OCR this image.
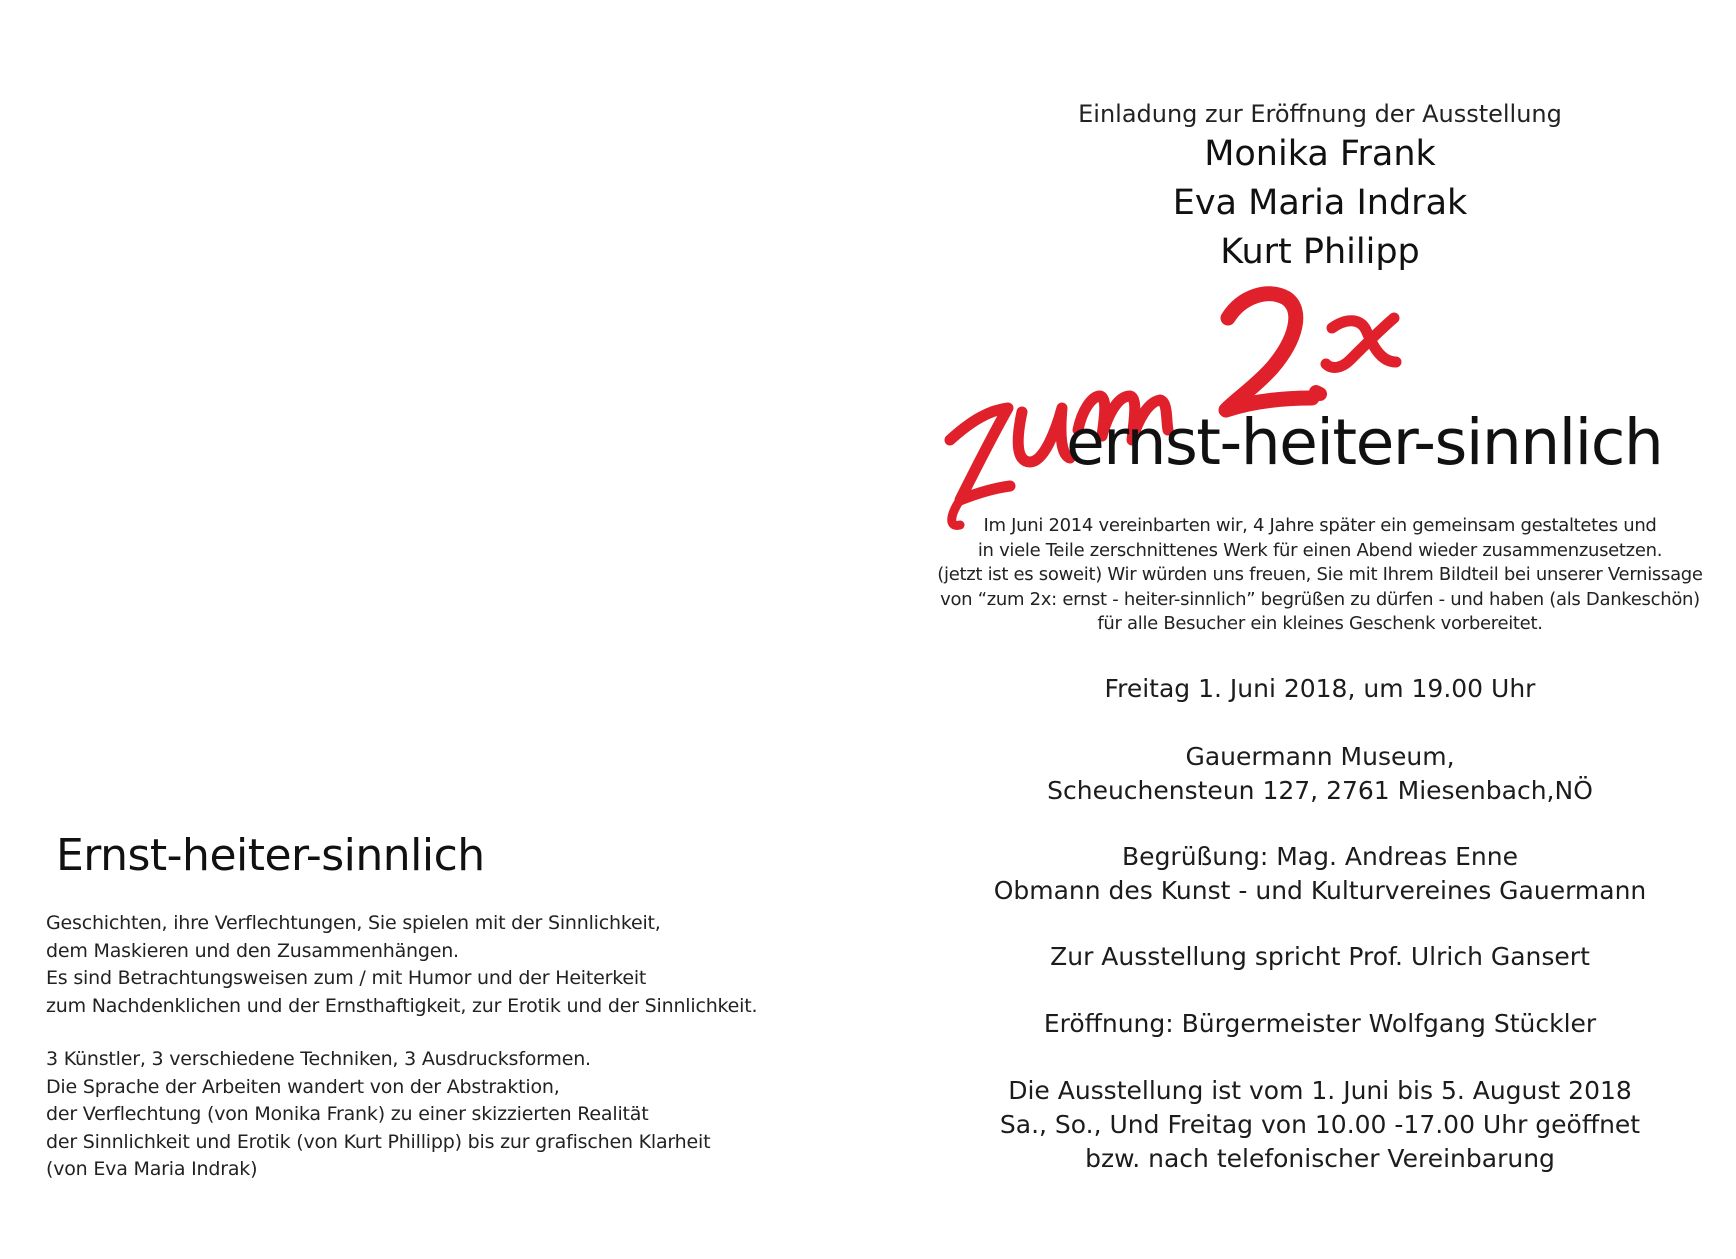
Ernst-heiter-sinnlich
Geschichten, ihre Verflechtungen, Sie spielen mit der Sinnlichkeit,
dem Maskieren und den Zusammenhängen.
Es sind Betrachtungsweisen zum / mit Humor und der Heiterkeit
zum Nachdenklichen und der Ernsthaftigkeit, zur Erotik und der Sinnlichkeit.
3 Künstler, 3 verschiedene Techniken, 3 Ausdrucksformen.
Die Sprache der Arbeiten wandert von der Abstraktion,
der Verflechtung (von Monika Frank) zu einer skizzierten Realität
der Sinnlichkeit und Erotik (von Kurt Phillipp) bis zur grafischen Klarheit
(von Eva Maria Indrak)
Einladung zur Eröffnung der Ausstellung
Monika Frank
Eva Maria Indrak
Kurt Philipp
ernst-heiter-sinnlich
Im Juni 2014 vereinbarten wir, 4 Jahre später ein gemeinsam gestaltetes und
in viele Teile zerschnittenes Werk für einen Abend wieder zusammenzusetzen.
(jetzt ist es soweit) Wir würden uns freuen, Sie mit Ihrem Bildteil bei unserer Vernissage
von “zum 2x: ernst - heiter-sinnlich” begrüßen zu dürfen - und haben (als Dankeschön)
für alle Besucher ein kleines Geschenk vorbereitet.
Freitag 1. Juni 2018, um 19.00 Uhr
Gauermann Museum,
Scheuchensteun 127, 2761 Miesenbach,NÖ
Begrüßung: Mag. Andreas Enne
Obmann des Kunst - und Kulturvereines Gauermann
Zur Ausstellung spricht Prof. Ulrich Gansert
Eröffnung: Bürgermeister Wolfgang Stückler
Die Ausstellung ist vom 1. Juni bis 5. August 2018
Sa., So., Und Freitag von 10.00 -17.00 Uhr geöffnet
bzw. nach telefonischer Vereinbarung
